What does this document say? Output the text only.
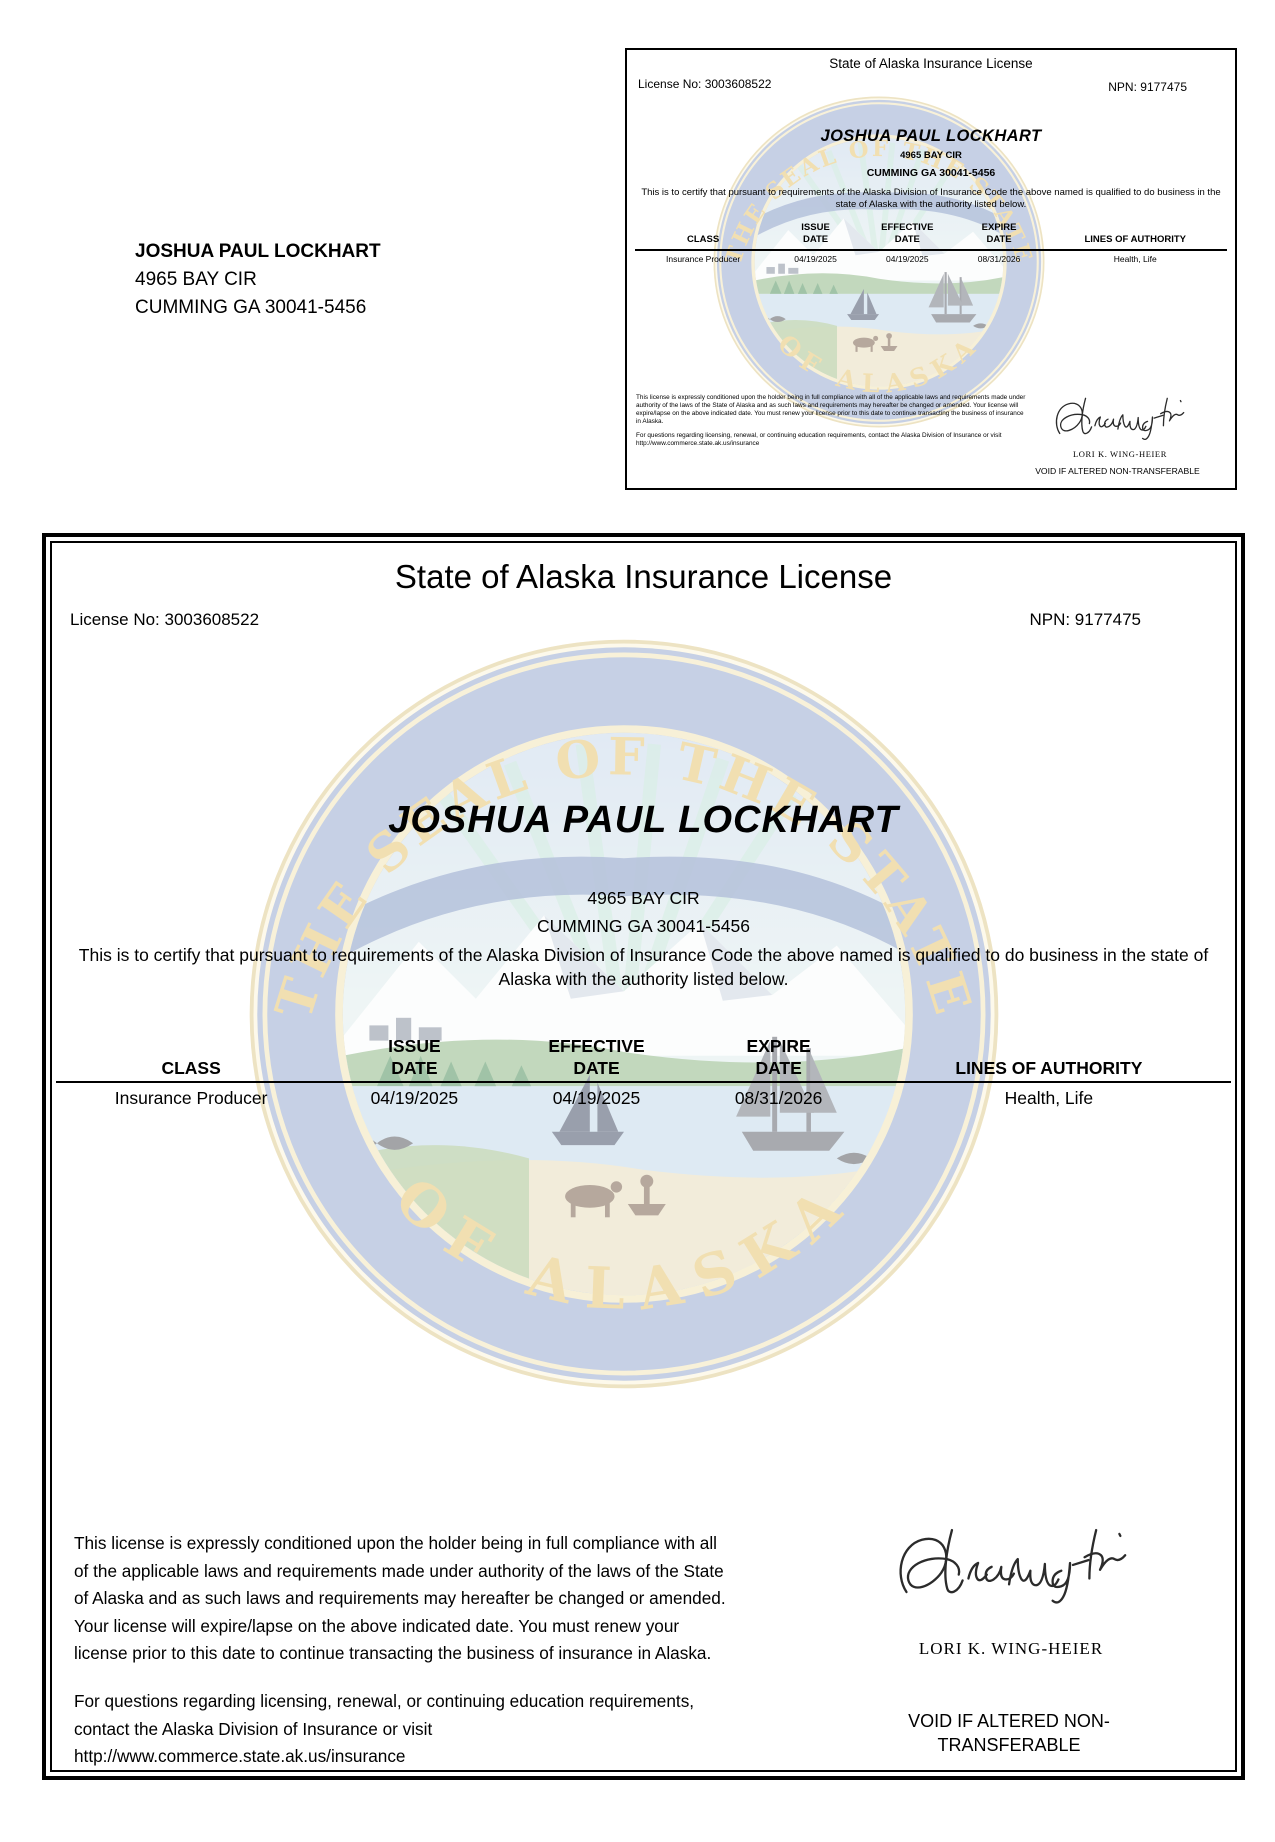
JOSHUA PAUL LOCKHART
4965 BAY CIR
CUMMING GA 30041-5456
State of Alaska Insurance License
License No: 3003608522	NPN: 9177475
JOSHUA PAUL LOCKHART
4965 BAY CIR
CUMMING GA 30041-5456
This is to certify that pursuant to requirements of the Alaska Division of Insurance Code the above named is qualified to do business in the state of Alaska with the authority listed below.
ISSUE	EFFECTIVE	EXPIRE
CLASS	DATE	DATE	DATE	LINES OF AUTHORITY
Insurance Producer	04/19/2025	04/19/2025	08/31/2026	Health, Life

This license is expressly conditioned upon the holder being in full compliance with all of the applicable laws and requirements made under authority of the laws of the State of Alaska and as such laws and requirements may hereafter be changed or amended. Your license will expire/lapse on the above indicated date. You must renew your license prior to this date to continue transacting the business of insurance in Alaska.

For questions regarding licensing, renewal, or continuing education requirements, contact the Alaska Division of Insurance or visit http://www.commerce.state.ak.us/insurance

LORI K. WING-HEIER
VOID IF ALTERED NON-TRANSFERABLE
State of Alaska Insurance License
License No: 3003608522	NPN: 9177475
JOSHUA PAUL LOCKHART
4965 BAY CIR
CUMMING GA 30041-5456
This is to certify that pursuant to requirements of the Alaska Division of Insurance Code the above named is qualified to do business in the state of Alaska with the authority listed below.
ISSUE	EFFECTIVE	EXPIRE
CLASS	DATE	DATE	DATE	LINES OF AUTHORITY
Insurance Producer	04/19/2025	04/19/2025	08/31/2026	Health, Life

This license is expressly conditioned upon the holder being in full compliance with all of the applicable laws and requirements made under authority of the laws of the State of Alaska and as such laws and requirements may hereafter be changed or amended. Your license will expire/lapse on the above indicated date. You must renew your license prior to this date to continue transacting the business of insurance in Alaska.

For questions regarding licensing, renewal, or continuing education requirements, contact the Alaska Division of Insurance or visit http://www.commerce.state.ak.us/insurance

LORI K. WING-HEIER
VOID IF ALTERED NON-TRANSFERABLE
